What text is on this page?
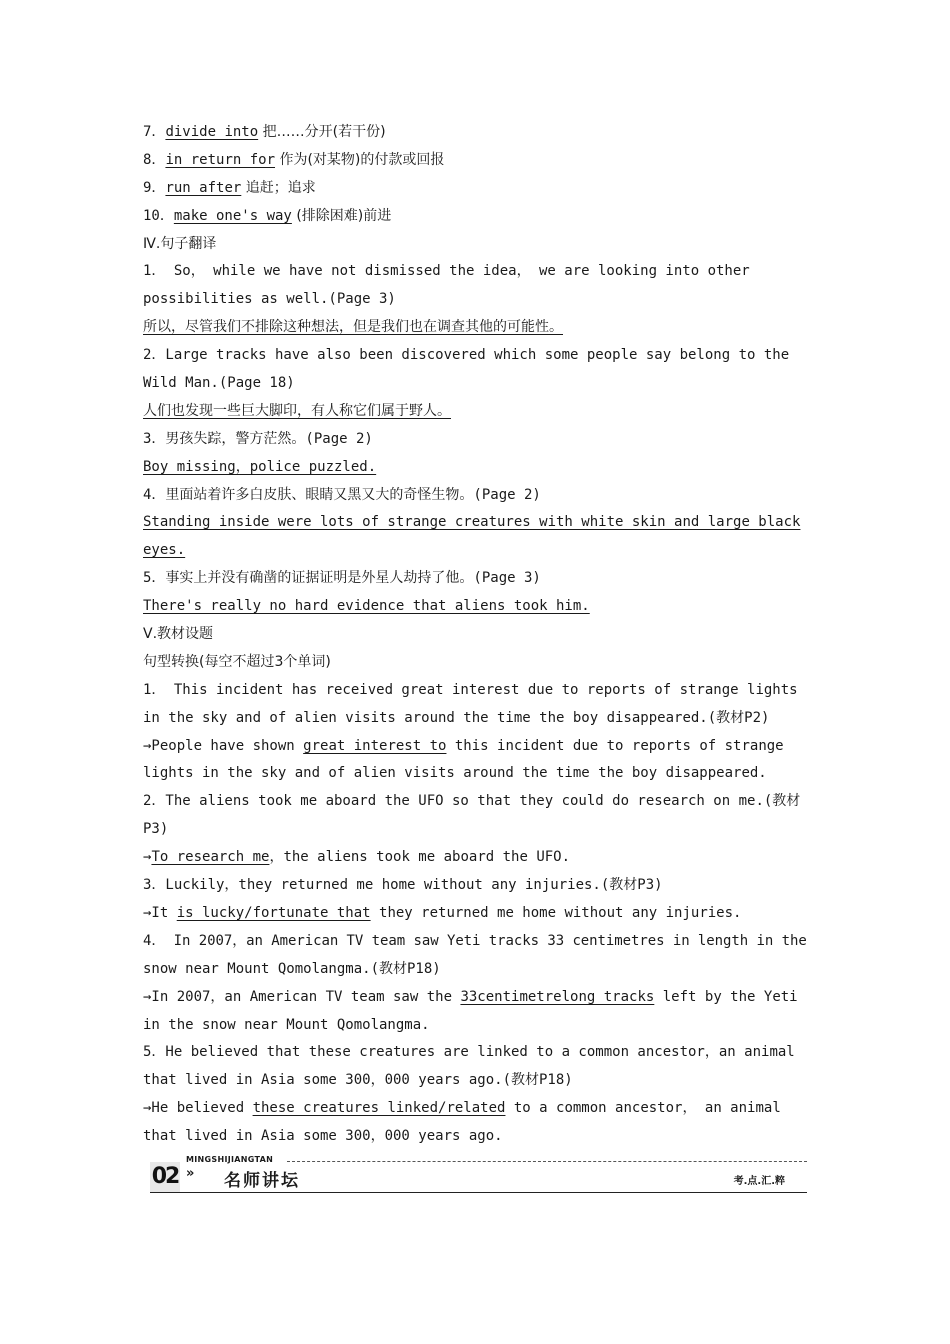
7．divide into 把……分开(若干份)
8．in return for 作为(对某物)的付款或回报
9．run after 追赶；追求
10．make one's way (排除困难)前进
Ⅳ.句子翻译
1． So， while we have not dismissed the idea， we are looking into other
possibilities as well.(Page 3)
所以，尽管我们不排除这种想法，但是我们也在调查其他的可能性。
2．Large tracks have also been discovered which some people say belong to the
Wild Man.(Page 18)
人们也发现一些巨大脚印，有人称它们属于野人。
3．男孩失踪，警方茫然。(Page 2)
Boy missing，police puzzled.
4．里面站着许多白皮肤、眼睛又黑又大的奇怪生物。(Page 2)
Standing inside were lots of strange creatures with white skin and large black
eyes.
5．事实上并没有确凿的证据证明是外星人劫持了他。(Page 3)
There's really no hard evidence that aliens took him.
Ⅴ.教材设题
句型转换(每空不超过3个单词)
1． This incident has received great interest due to reports of strange lights
in the sky and of alien visits around the time the boy disappeared.(教材P2)
→People have shown great interest to this incident due to reports of strange
lights in the sky and of alien visits around the time the boy disappeared.
2．The aliens took me aboard the UFO so that they could do research on me.(教材
P3)
→To research me，the aliens took me aboard the UFO.
3．Luckily，they returned me home without any injuries.(教材P3)
→It is lucky/fortunate that they returned me home without any injuries.
4． In 2007，an American TV team saw Yeti tracks 33 centimetres in length in the
snow near Mount Qomolangma.(教材P18)
→In 2007，an American TV team saw the 33centimetrelong tracks left by the Yeti
in the snow near Mount Qomolangma.
5．He believed that these creatures are linked to a common ancestor，an animal
that lived in Asia some 300，000 years ago.(教材P18)
→He believed these creatures linked/related to a common ancestor， an animal
that lived in Asia some 300，000 years ago.
02
MINGSHIJIANGTAN
» 名师讲坛	考.点.汇.粹
